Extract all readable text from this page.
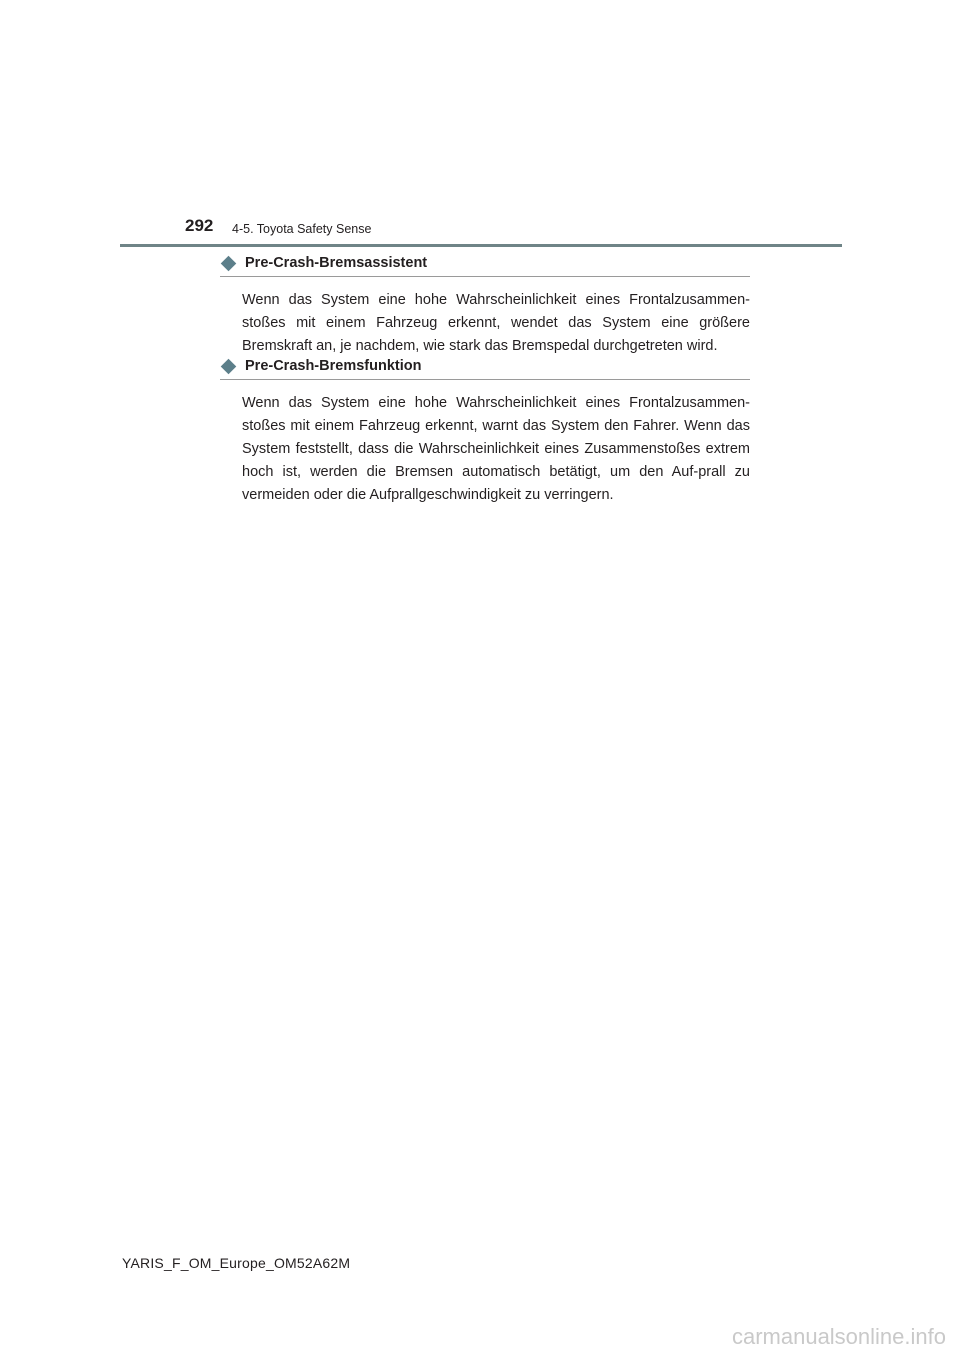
292 4-5. Toyota Safety Sense
Pre-Crash-Bremsassistent
Wenn das System eine hohe Wahrscheinlichkeit eines Frontalzusammen-stoßes mit einem Fahrzeug erkennt, wendet das System eine größere Bremskraft an, je nachdem, wie stark das Bremspedal durchgetreten wird.
Pre-Crash-Bremsfunktion
Wenn das System eine hohe Wahrscheinlichkeit eines Frontalzusammen-stoßes mit einem Fahrzeug erkennt, warnt das System den Fahrer. Wenn das System feststellt, dass die Wahrscheinlichkeit eines Zusammenstoßes extrem hoch ist, werden die Bremsen automatisch betätigt, um den Auf-prall zu vermeiden oder die Aufprallgeschwindigkeit zu verringern.
YARIS_F_OM_Europe_OM52A62M
carmanualsonline.info
